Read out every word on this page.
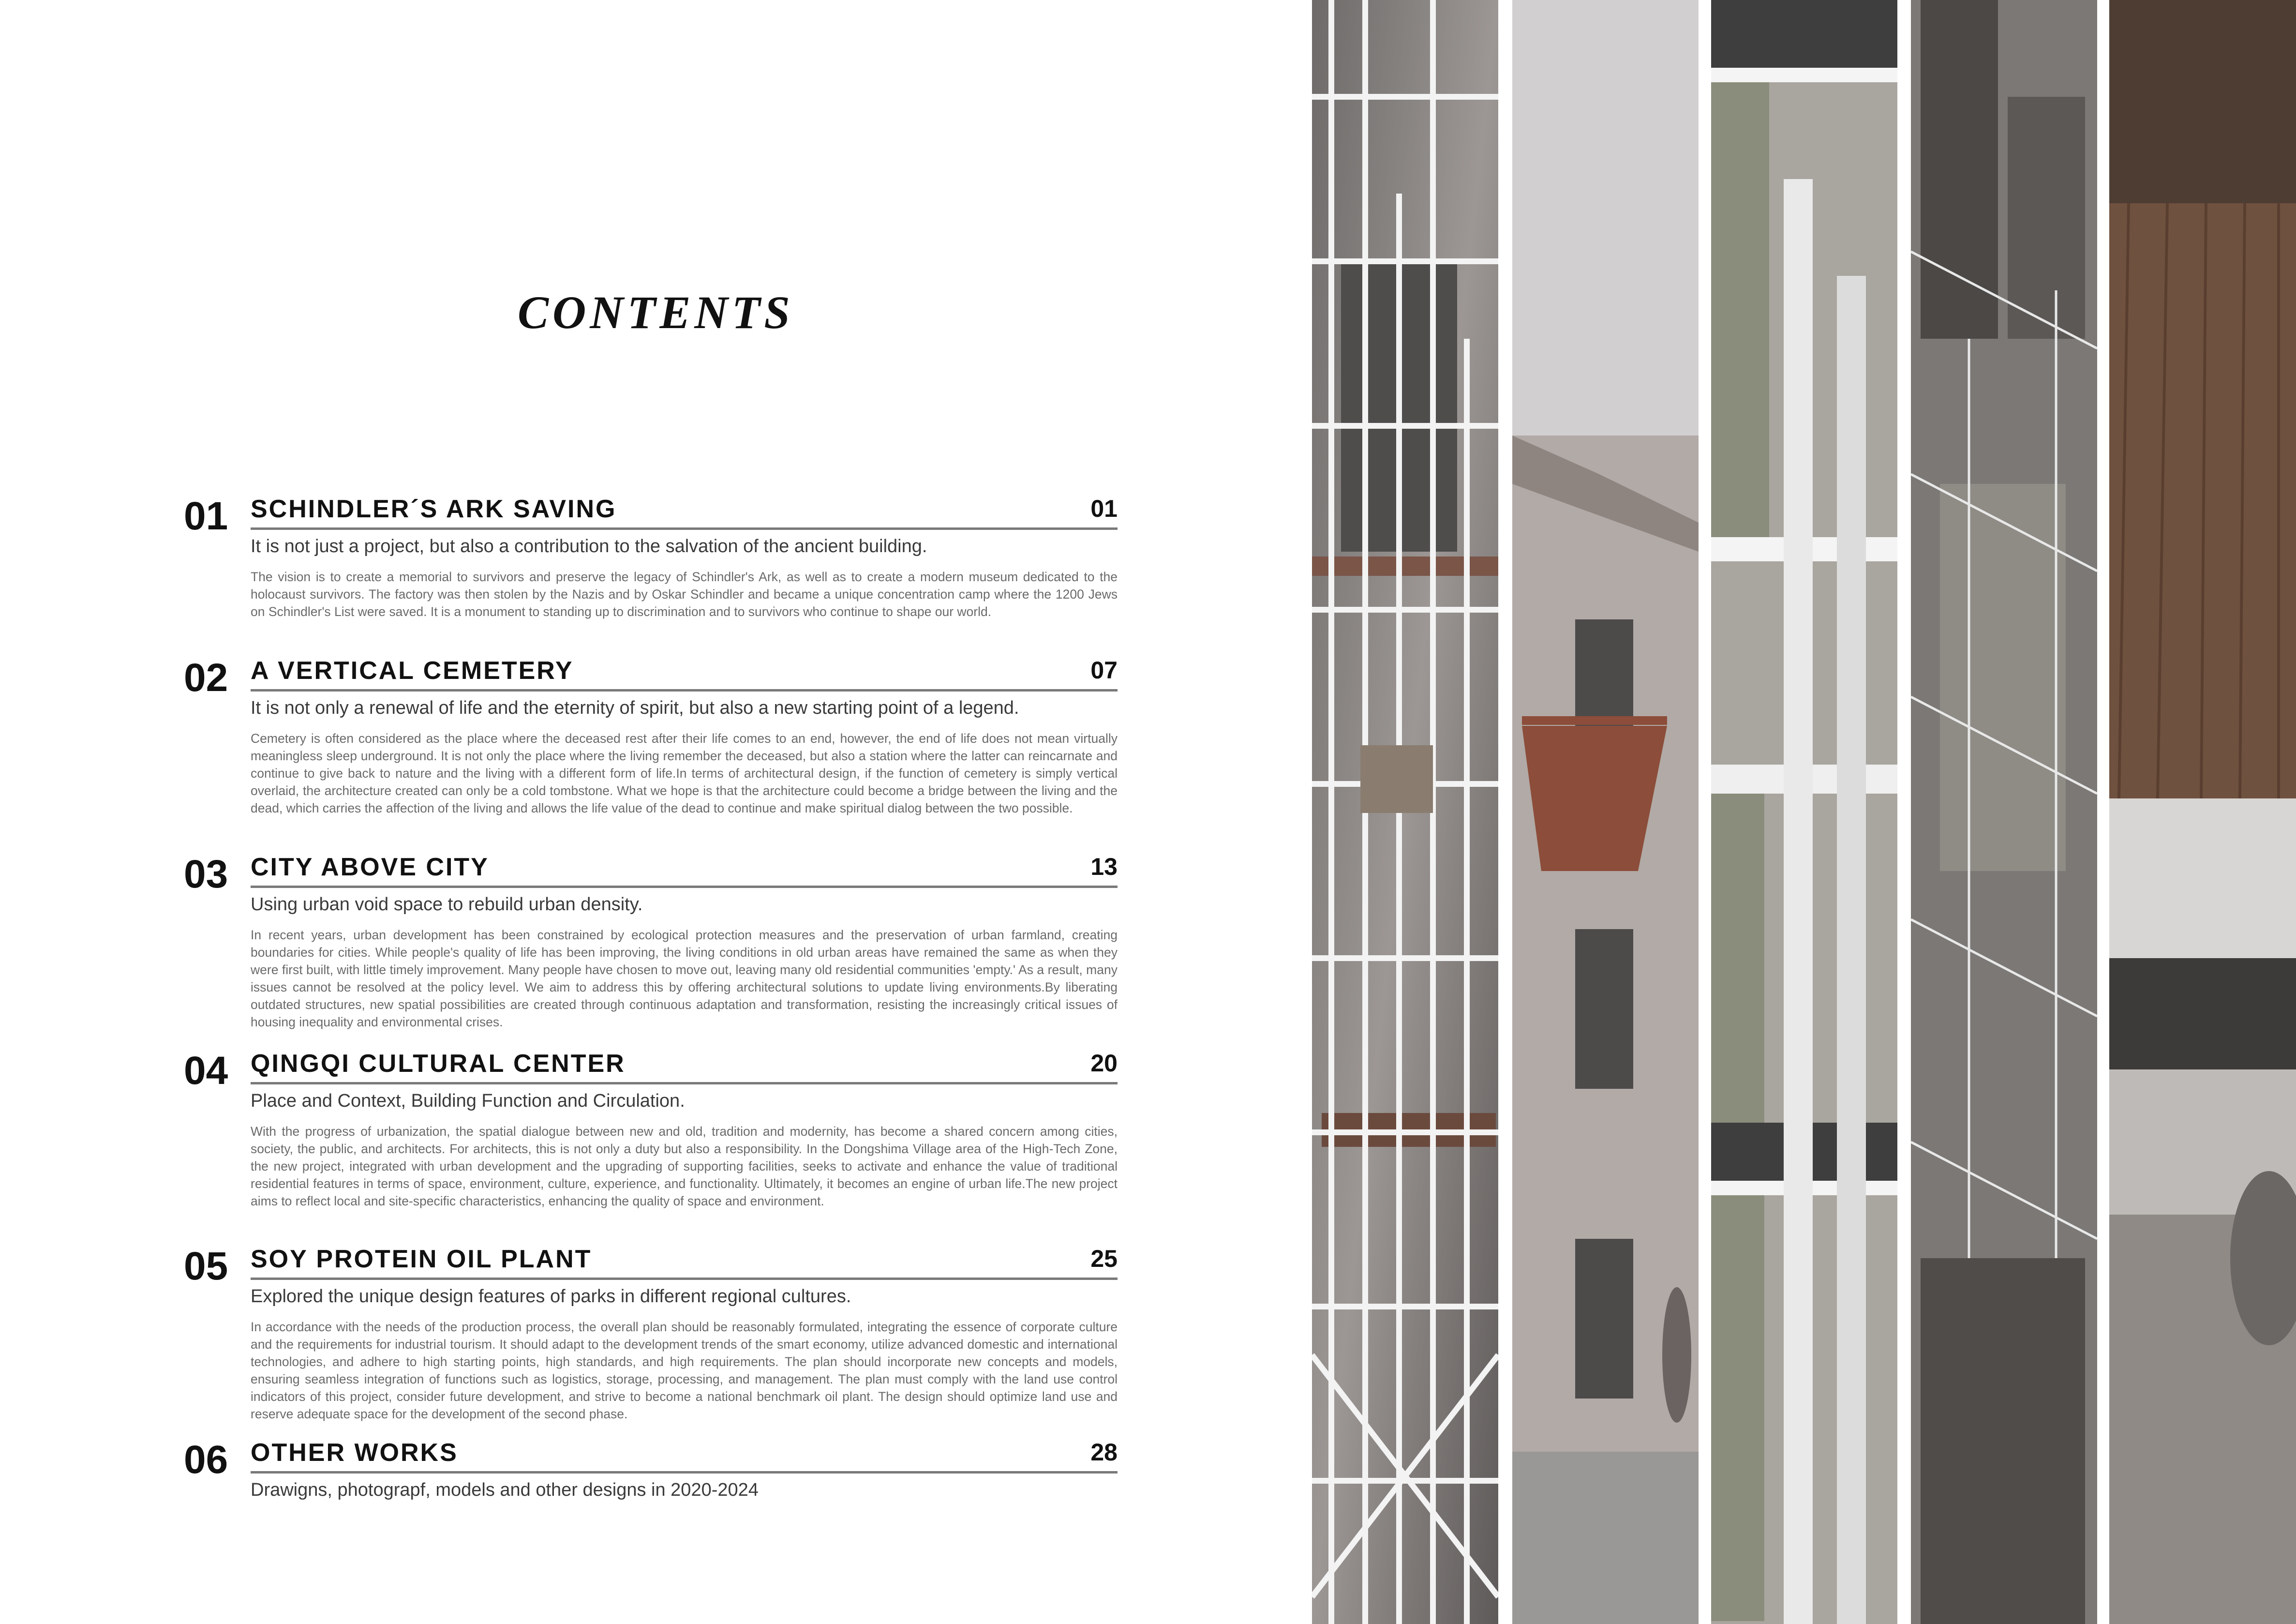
CONTENTS
01 SCHINDLER´S ARK SAVING	01
It is not just a project, but also a contribution to the salvation of the ancient building.
The vision is to create a memorial to survivors and preserve the legacy of Schindler's Ark, as well as to create a modern museum dedicated to the holocaust survivors. The factory was then stolen by the Nazis and by Oskar Schindler and became a unique concentration camp where the 1200 Jews on Schindler's List were saved. It is a monument to standing up to discrimination and to survivors who continue to shape our world.
02 A VERTICAL CEMETERY	07
It is not only a renewal of life and the eternity of spirit, but also a new starting point of a legend.
Cemetery is often considered as the place where the deceased rest after their life comes to an end, however, the end of life does not mean virtually meaningless sleep underground. It is not only the place where the living remember the deceased, but also a station where the latter can reincarnate and continue to give back to nature and the living with a different form of life.In terms of architectural design, if the function of cemetery is simply vertical overlaid, the architecture created can only be a cold tombstone. What we hope is that the architecture could become a bridge between the living and the dead, which carries the affection of the living and allows the life value of the dead to continue and make spiritual dialog between the two possible.
03 CITY ABOVE CITY	13
Using urban void space to rebuild urban density.
In recent years, urban development has been constrained by ecological protection measures and the preservation of urban farmland, creating boundaries for cities. While people's quality of life has been improving, the living conditions in old urban areas have remained the same as when they were first built, with little timely improvement. Many people have chosen to move out, leaving many old residential communities 'empty.' As a result, many issues cannot be resolved at the policy level. We aim to address this by offering architectural solutions to update living environments.By liberating outdated structures, new spatial possibilities are created through continuous adaptation and transformation, resisting the increasingly critical issues of housing inequality and environmental crises.
04 QINGQI CULTURAL CENTER	20
Place and Context, Building Function and Circulation.
With the progress of urbanization, the spatial dialogue between new and old, tradition and modernity, has become a shared concern among cities, society, the public, and architects. For architects, this is not only a duty but also a responsibility. In the Dongshima Village area of the High-Tech Zone, the new project, integrated with urban development and the upgrading of supporting facilities, seeks to activate and enhance the value of traditional residential features in terms of space, environment, culture, experience, and functionality. Ultimately, it becomes an engine of urban life.The new project aims to reflect local and site-specific characteristics, enhancing the quality of space and environment.
05 SOY PROTEIN OIL PLANT	25
Explored the unique design features of parks in different regional cultures.
In accordance with the needs of the production process, the overall plan should be reasonably formulated, integrating the essence of corporate culture and the requirements for industrial tourism. It should adapt to the development trends of the smart economy, utilize advanced domestic and international technologies, and adhere to high starting points, high standards, and high requirements. The plan should incorporate new concepts and models, ensuring seamless integration of functions such as logistics, storage, processing, and management. The plan must comply with the land use control indicators of this project, consider future development, and strive to become a national benchmark oil plant. The design should optimize land use and reserve adequate space for the development of the second phase.
06 OTHER WORKS	28
Drawigns, photograpf, models and other designs in 2020-2024
